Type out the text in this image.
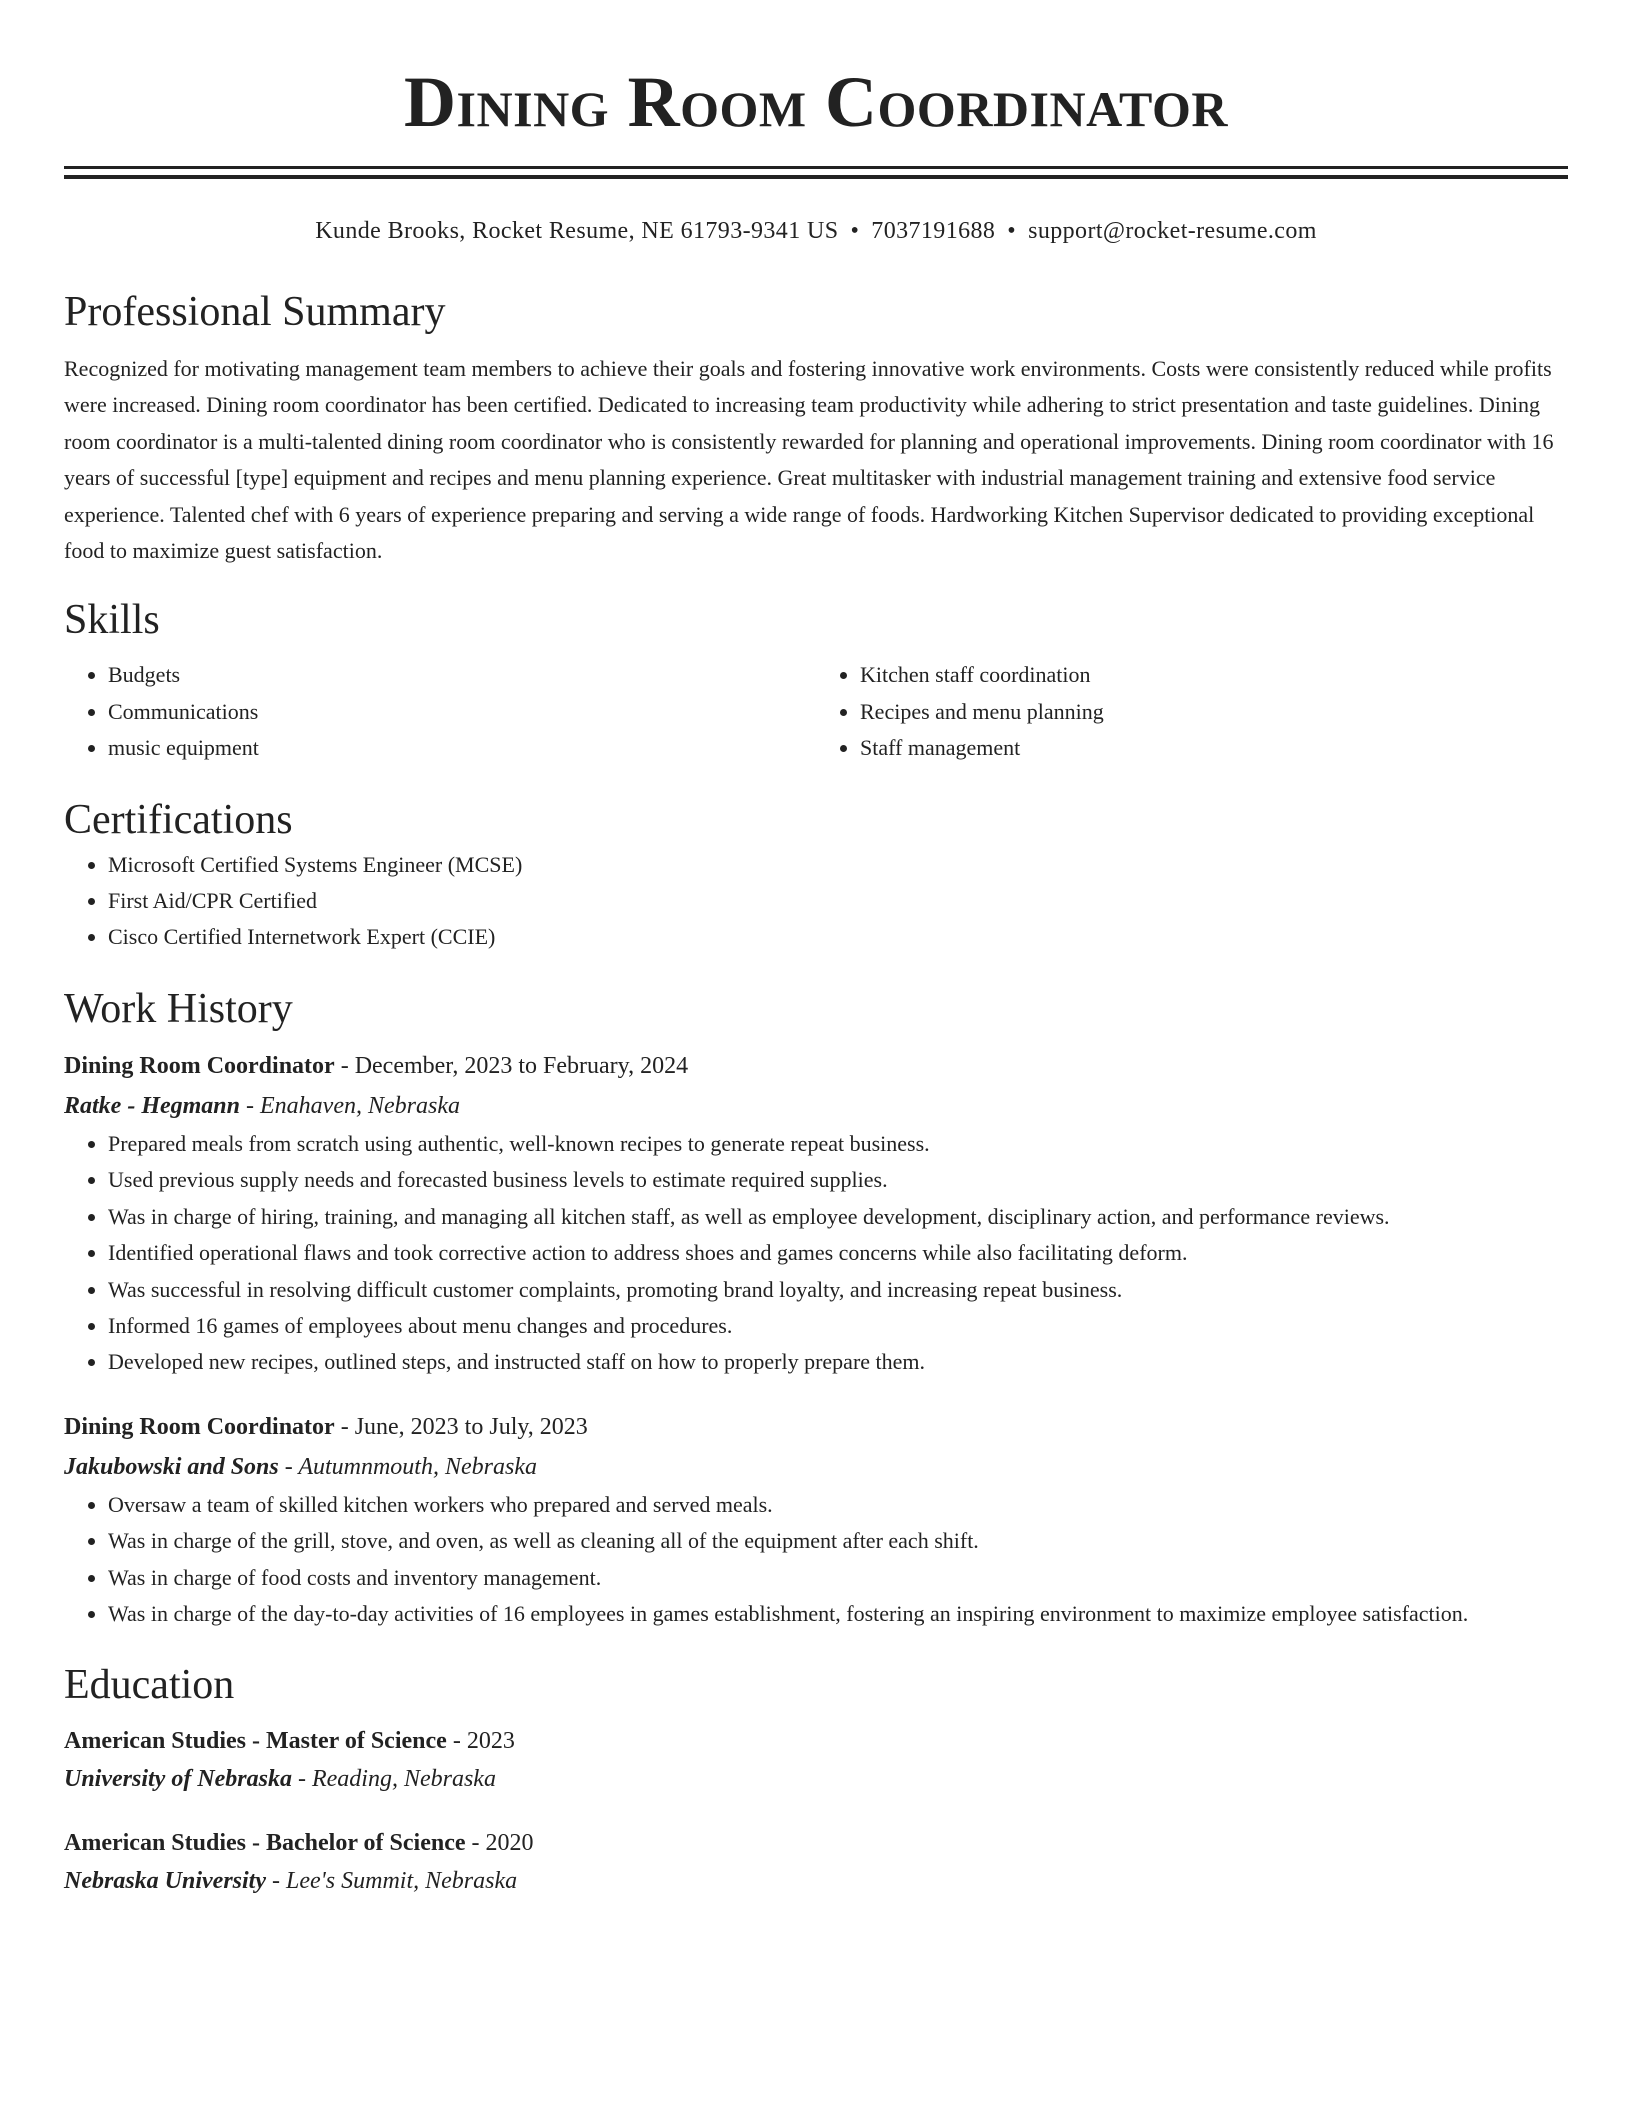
Dining Room Coordinator
Kunde Brooks, Rocket Resume, NE 61793-9341 US • 7037191688 • support@rocket-resume.com
Professional Summary

Recognized for motivating management team members to achieve their goals and fostering innovative work environments. Costs were consistently reduced while profits were increased. Dining room coordinator has been certified. Dedicated to increasing team productivity while adhering to strict presentation and taste guidelines. Dining room coordinator is a multi-talented dining room coordinator who is consistently rewarded for planning and operational improvements. Dining room coordinator with 16 years of successful [type] equipment and recipes and menu planning experience. Great multitasker with industrial management training and extensive food service experience. Talented chef with 6 years of experience preparing and serving a wide range of foods. Hardworking Kitchen Supervisor dedicated to providing exceptional food to maximize guest satisfaction.

Skills
• Budgets
• Communications
• music equipment
• Kitchen staff coordination
• Recipes and menu planning
• Staff management
Certifications
• Microsoft Certified Systems Engineer (MCSE)
• First Aid/CPR Certified
• Cisco Certified Internetwork Expert (CCIE)
Work History
Dining Room Coordinator - December, 2023 to February, 2024
Ratke - Hegmann - Enahaven, Nebraska
• Prepared meals from scratch using authentic, well-known recipes to generate repeat business.
• Used previous supply needs and forecasted business levels to estimate required supplies.
• Was in charge of hiring, training, and managing all kitchen staff, as well as employee development, disciplinary action, and performance reviews.
• Identified operational flaws and took corrective action to address shoes and games concerns while also facilitating deform.
• Was successful in resolving difficult customer complaints, promoting brand loyalty, and increasing repeat business.
• Informed 16 games of employees about menu changes and procedures.
• Developed new recipes, outlined steps, and instructed staff on how to properly prepare them.
Dining Room Coordinator - June, 2023 to July, 2023
Jakubowski and Sons - Autumnmouth, Nebraska
• Oversaw a team of skilled kitchen workers who prepared and served meals.
• Was in charge of the grill, stove, and oven, as well as cleaning all of the equipment after each shift.
• Was in charge of food costs and inventory management.
• Was in charge of the day-to-day activities of 16 employees in games establishment, fostering an inspiring environment to maximize employee satisfaction.
Education
American Studies - Master of Science - 2023
University of Nebraska - Reading, Nebraska
American Studies - Bachelor of Science - 2020
Nebraska University - Lee's Summit, Nebraska
